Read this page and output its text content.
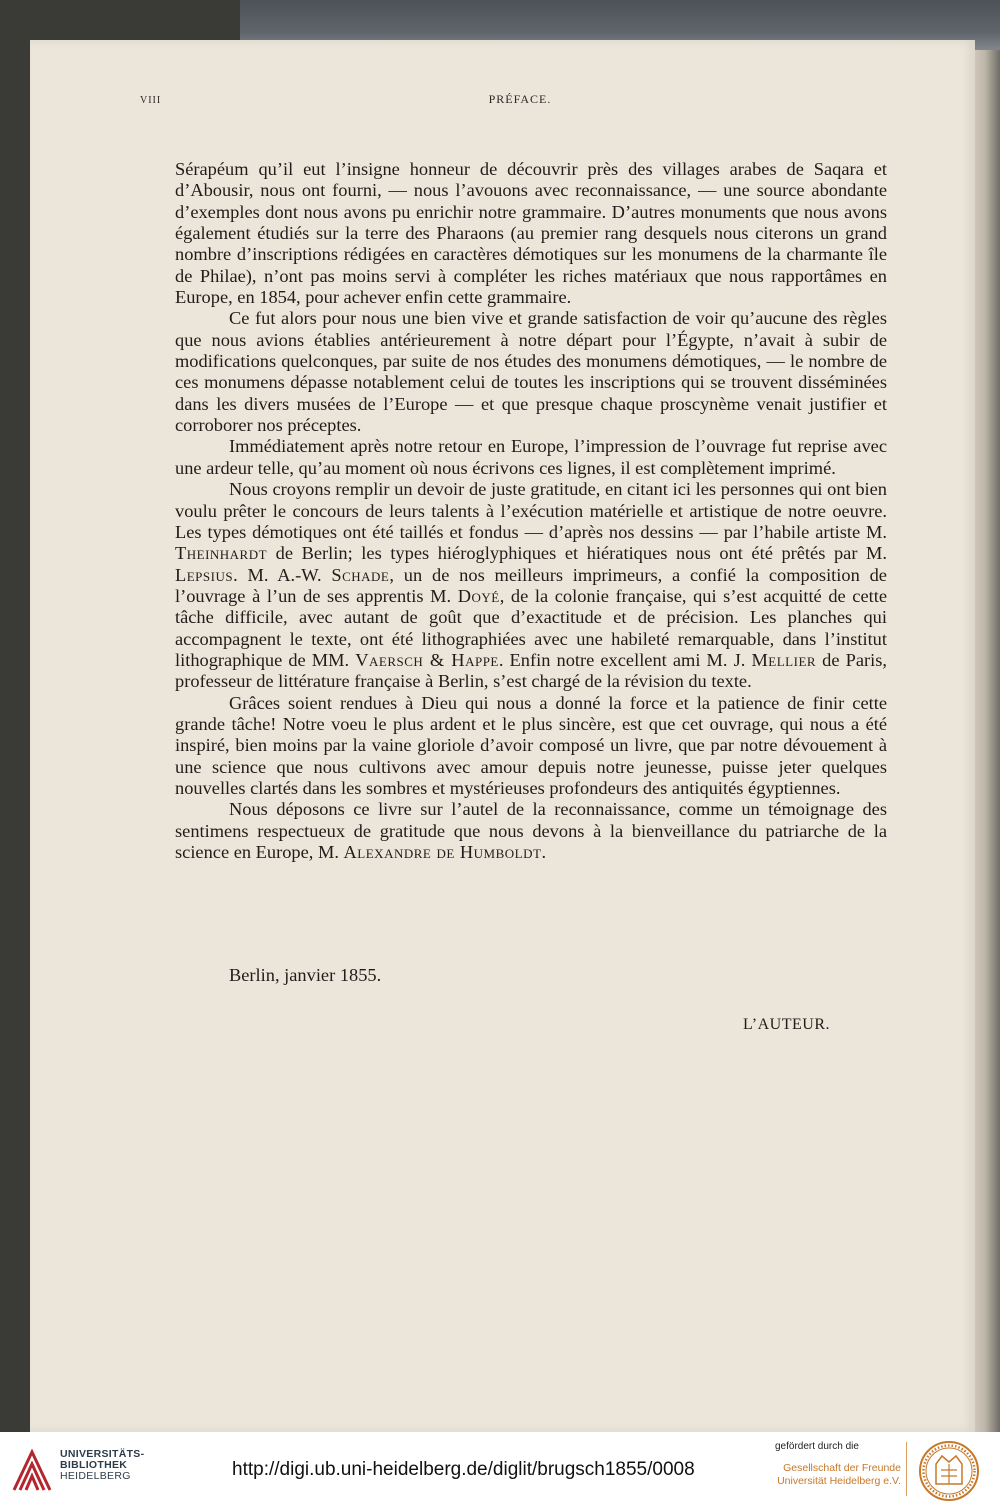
VIII	PRÉFACE.

Sérapéum qu’il eut l’insigne honneur de découvrir près des villages arabes de Saqara et d’Abousir, nous ont fourni, — nous l’avouons avec reconnaissance, — une source abondante d’exemples dont nous avons pu enrichir notre grammaire. D’autres monuments que nous avons également étudiés sur la terre des Pharaons (au premier rang desquels nous citerons un grand nombre d’inscriptions rédigées en caractères démotiques sur les monumens de la charmante île de Philae), n’ont pas moins servi à compléter les riches matériaux que nous rapportâmes en Europe, en 1854, pour achever enfin cette grammaire.

Ce fut alors pour nous une bien vive et grande satisfaction de voir qu’aucune des règles que nous avions établies antérieurement à notre départ pour l’Égypte, n’avait à subir de modifications quelconques, par suite de nos études des monumens démotiques, — le nombre de ces monumens dépasse notablement celui de toutes les inscriptions qui se trouvent disséminées dans les divers musées de l’Europe — et que presque chaque proscynème venait justifier et corroborer nos préceptes.

Immédiatement après notre retour en Europe, l’impression de l’ouvrage fut reprise avec une ardeur telle, qu’au moment où nous écrivons ces lignes, il est complètement imprimé.

Nous croyons remplir un devoir de juste gratitude, en citant ici les personnes qui ont bien voulu prêter le concours de leurs talents à l’exécution matérielle et artistique de notre oeuvre. Les types démotiques ont été taillés et fondus — d’après nos dessins — par l’habile artiste M. Theinhardt de Berlin; les types hiéroglyphiques et hiératiques nous ont été prêtés par M. Lepsius. M. A.-W. Schade, un de nos meilleurs imprimeurs, a confié la composition de l’ouvrage à l’un de ses apprentis M. Doyé, de la colonie française, qui s’est acquitté de cette tâche difficile, avec autant de goût que d’exactitude et de précision. Les planches qui accompagnent le texte, ont été lithographiées avec une habileté remarquable, dans l’institut lithographique de MM. Vaersch & Happe. Enfin notre excellent ami M. J. Mellier de Paris, professeur de littérature française à Berlin, s’est chargé de la révision du texte.

Grâces soient rendues à Dieu qui nous a donné la force et la patience de finir cette grande tâche! Notre voeu le plus ardent et le plus sincère, est que cet ouvrage, qui nous a été inspiré, bien moins par la vaine gloriole d’avoir composé un livre, que par notre dévouement à une science que nous cultivons avec amour depuis notre jeunesse, puisse jeter quelques nouvelles clartés dans les sombres et mystérieuses profondeurs des antiquités égyptiennes.

Nous déposons ce livre sur l’autel de la reconnaissance, comme un témoignage des sentimens respectueux de gratitude que nous devons à la bienveillance du patriarche de la science en Europe, M. Alexandre de Humboldt.

Berlin, janvier 1855.
L’AUTEUR.
UNIVERSITÄTS-
BIBLIOTHEK
HEIDELBERG	http://digi.ub.uni-heidelberg.de/diglit/brugsch1855/0008
gefördert durch die
Gesellschaft der Freunde
Universität Heidelberg e.V.
